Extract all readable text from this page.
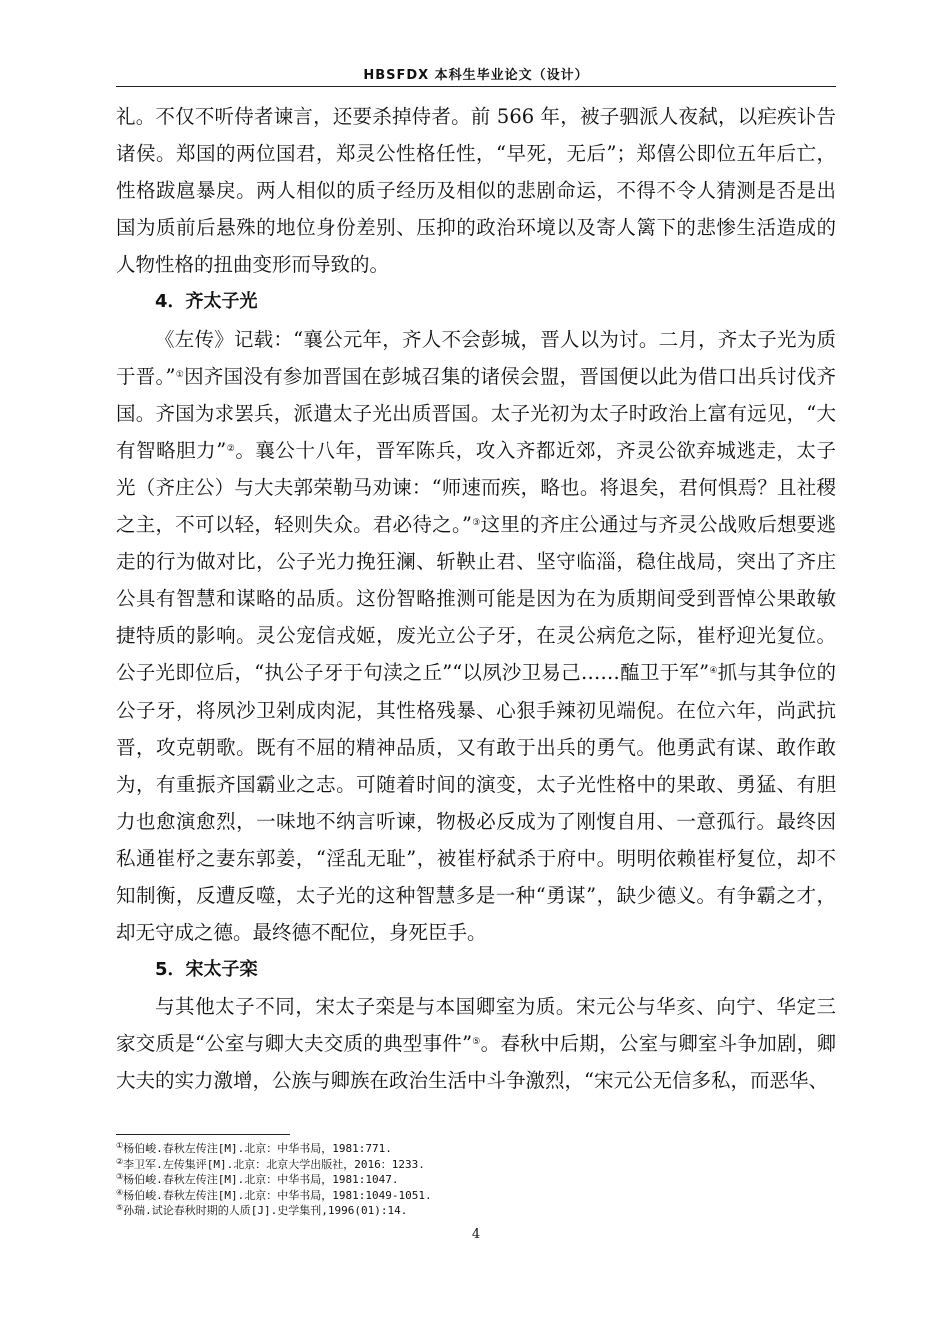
HBSFDX 本科生毕业论文（设计）

礼。不仅不听侍者谏言，还要杀掉侍者。前 566 年，被子驷派人夜弑，以疟疾讣告诸侯。郑国的两位国君，郑灵公性格任性，“早死，无后”；郑僖公即位五年后亡，性格跋扈暴戾。两人相似的质子经历及相似的悲剧命运，不得不令人猜测是否是出国为质前后悬殊的地位身份差别、压抑的政治环境以及寄人篱下的悲惨生活造成的人物性格的扭曲变形而导致的。

4．齐太子光

《左传》记载：“襄公元年，齐人不会彭城，晋人以为讨。二月，齐太子光为质于晋。”①因齐国没有参加晋国在彭城召集的诸侯会盟，晋国便以此为借口出兵讨伐齐国。齐国为求罢兵，派遣太子光出质晋国。太子光初为太子时政治上富有远见，“大有智略胆力”②。襄公十八年，晋军陈兵，攻入齐都近郊，齐灵公欲弃城逃走，太子光（齐庄公）与大夫郭荣勒马劝谏：“师速而疾，略也。将退矣，君何惧焉？且社稷之主，不可以轻，轻则失众。君必待之。”③这里的齐庄公通过与齐灵公战败后想要逃走的行为做对比，公子光力挽狂澜、斩鞅止君、坚守临淄，稳住战局，突出了齐庄公具有智慧和谋略的品质。这份智略推测可能是因为在为质期间受到晋悼公果敢敏捷特质的影响。灵公宠信戎姬，废光立公子牙，在灵公病危之际，崔杼迎光复位。公子光即位后，“执公子牙于句渎之丘”“以夙沙卫易己……醢卫于军”④抓与其争位的公子牙，将夙沙卫剁成肉泥，其性格残暴、心狠手辣初见端倪。在位六年，尚武抗晋，攻克朝歌。既有不屈的精神品质，又有敢于出兵的勇气。他勇武有谋、敢作敢为，有重振齐国霸业之志。可随着时间的演变，太子光性格中的果敢、勇猛、有胆力也愈演愈烈，一味地不纳言听谏，物极必反成为了刚愎自用、一意孤行。最终因私通崔杼之妻东郭姜，“淫乱无耻”，被崔杼弑杀于府中。明明依赖崔杼复位，却不知制衡，反遭反噬，太子光的这种智慧多是一种“勇谋”，缺少德义。有争霸之才，却无守成之德。最终德不配位，身死臣手。

5．宋太子栾

与其他太子不同，宋太子栾是与本国卿室为质。宋元公与华亥、向宁、华定三家交质是“公室与卿大夫交质的典型事件”⑤。春秋中后期，公室与卿室斗争加剧，卿大夫的实力激增，公族与卿族在政治生活中斗争激烈，“宋元公无信多私，而恶华、

①杨伯峻.春秋左传注[M].北京：中华书局，1981:771.
②李卫军.左传集评[M].北京：北京大学出版社，2016：1233.
③杨伯峻.春秋左传注[M].北京：中华书局，1981:1047.
④杨伯峻.春秋左传注[M].北京：中华书局，1981:1049-1051.
⑤孙瑞.试论春秋时期的人质[J].史学集刊,1996(01):14.
4
